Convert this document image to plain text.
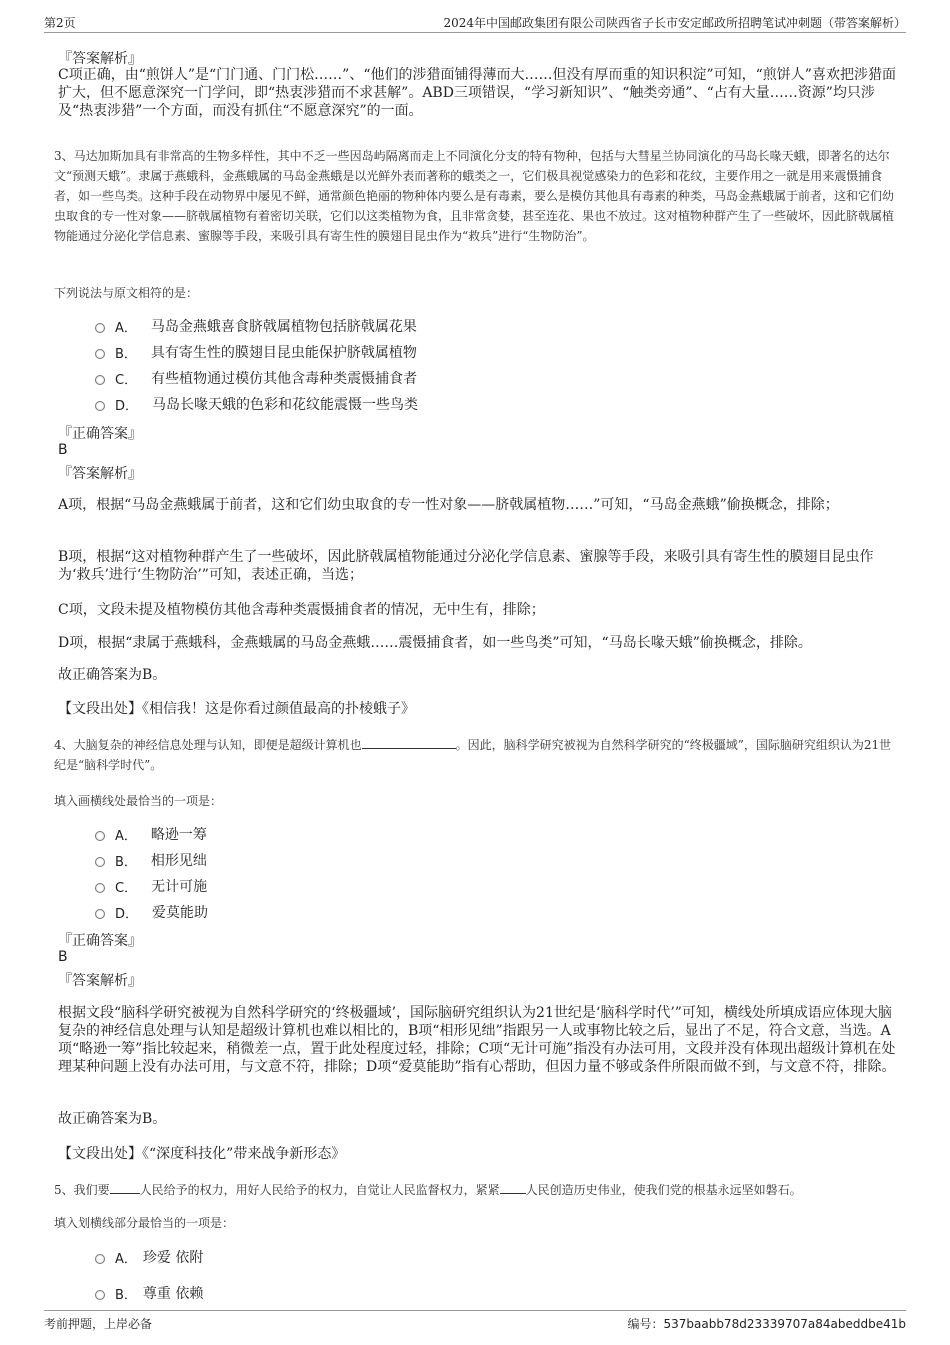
第2页	2024年中国邮政集团有限公司陕西省子长市安定邮政所招聘笔试冲刺题（带答案解析）
『答案解析』
C项正确，由“煎饼人”是“门门通、门门松……”、“他们的涉猎面铺得薄而大……但没有厚而重的知识积淀”可知，“煎饼人”喜欢把涉猎面扩大，但不愿意深究一门学问，即“热衷涉猎而不求甚解”。ABD三项错误，“学习新知识”、“触类旁通”、“占有大量……资源”均只涉及“热衷涉猎”一个方面，而没有抓住“不愿意深究”的一面。
3、马达加斯加具有非常高的生物多样性，其中不乏一些因岛屿隔离而走上不同演化分支的特有物种，包括与大彗星兰协同演化的马岛长喙天蛾，即著名的达尔文“预测天蛾”。隶属于燕蛾科，金燕蛾属的马岛金燕蛾是以光鲜外表而著称的蛾类之一，它们极具视觉感染力的色彩和花纹，主要作用之一就是用来震慑捕食者，如一些鸟类。这种手段在动物界中屡见不鲜，通常颜色艳丽的物种体内要么是有毒素，要么是模仿其他具有毒素的种类，马岛金燕蛾属于前者，这和它们幼虫取食的专一性对象——脐戟属植物有着密切关联，它们以这类植物为食，且非常贪婪，甚至连花、果也不放过。这对植物种群产生了一些破坏，因此脐戟属植物能通过分泌化学信息素、蜜腺等手段，来吸引具有寄生性的膜翅目昆虫作为“救兵”进行“生物防治”。
下列说法与原文相符的是：
A． 马岛金燕蛾喜食脐戟属植物包括脐戟属花果
B． 具有寄生性的膜翅目昆虫能保护脐戟属植物
C． 有些植物通过模仿其他含毒种类震慑捕食者
D． 马岛长喙天蛾的色彩和花纹能震慑一些鸟类
『正确答案』
B
『答案解析』
A项，根据“马岛金燕蛾属于前者，这和它们幼虫取食的专一性对象——脐戟属植物……”可知，“马岛金燕蛾”偷换概念，排除；
B项，根据“这对植物种群产生了一些破坏，因此脐戟属植物能通过分泌化学信息素、蜜腺等手段，来吸引具有寄生性的膜翅目昆虫作为‘救兵’进行‘生物防治’”可知，表述正确，当选；
C项，文段未提及植物模仿其他含毒种类震慑捕食者的情况，无中生有，排除；
D项，根据“隶属于燕蛾科，金燕蛾属的马岛金燕蛾……震慑捕食者，如一些鸟类”可知，“马岛长喙天蛾”偷换概念，排除。
故正确答案为B。
【文段出处】《相信我！这是你看过颜值最高的扑棱蛾子》
4、大脑复杂的神经信息处理与认知，即便是超级计算机也	。因此，脑科学研究被视为自然科学研究的“终极疆域”，国际脑研究组织认为21世纪是“脑科学时代”。
填入画横线处最恰当的一项是：
A． 略逊一筹
B． 相形见绌
C． 无计可施
D． 爱莫能助
『正确答案』
B
『答案解析』
根据文段“脑科学研究被视为自然科学研究的‘终极疆域’，国际脑研究组织认为21世纪是‘脑科学时代’”可知，横线处所填成语应体现大脑复杂的神经信息处理与认知是超级计算机也难以相比的，B项“相形见绌”指跟另一人或事物比较之后，显出了不足，符合文意，当选。A项“略逊一筹”指比较起来，稍微差一点，置于此处程度过轻，排除；C项“无计可施”指没有办法可用，文段并没有体现出超级计算机在处理某种问题上没有办法可用，与文意不符，排除；D项“爱莫能助”指有心帮助，但因力量不够或条件所限而做不到，与文意不符，排除。
故正确答案为B。
【文段出处】《“深度科技化”带来战争新形态》
5、我们要	人民给予的权力，用好人民给予的权力，自觉让人民监督权力，紧紧 人民创造历史伟业，使我们党的根基永远坚如磐石。
填入划横线部分最恰当的一项是：
A． 珍爱 依附
B． 尊重 依赖
考前押题，上岸必备	编号：537baabb78d23339707a84abeddbe41b
